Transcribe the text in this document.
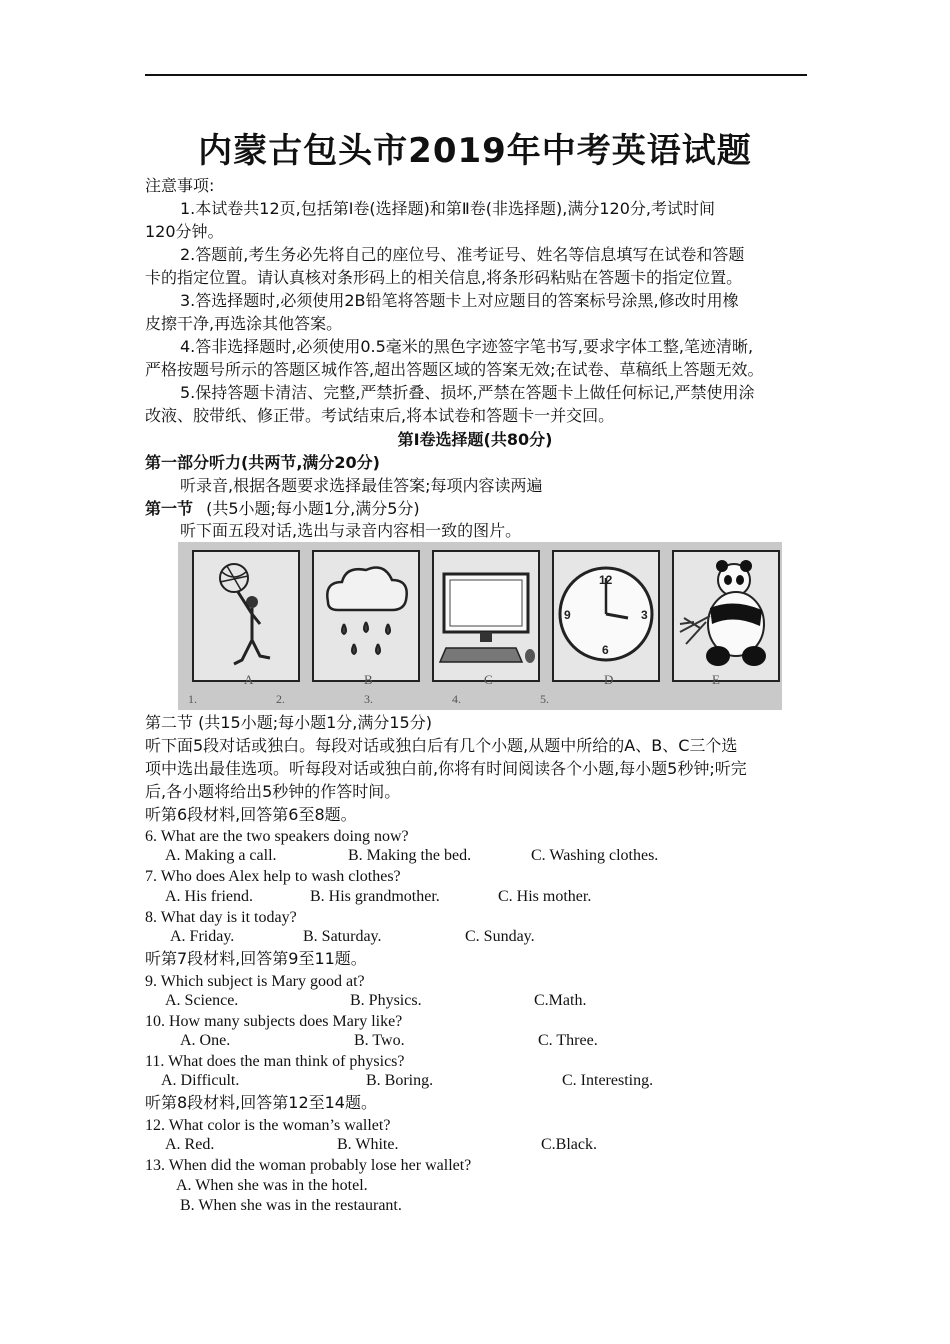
内蒙古包头市2019年中考英语试题
注意事项:
1.本试卷共12页,包括第Ⅰ卷(选择题)和第Ⅱ卷(非选择题),满分120分,考试时间
120分钟。
2.答题前,考生务必先将自己的座位号、准考证号、姓名等信息填写在试卷和答题
卡的指定位置。请认真核对条形码上的相关信息,将条形码粘贴在答题卡的指定位置。
3.答选择题时,必须使用2B铅笔将答题卡上对应题目的答案标号涂黑,修改时用橡
皮擦干净,再选涂其他答案。
4.答非选择题时,必须使用0.5毫米的黑色字迹签字笔书写,要求字体工整,笔迹清晰,
严格按题号所示的答题区城作答,超出答题区域的答案无效;在试卷、草稿纸上答题无效。
5.保持答题卡清洁、完整,严禁折叠、损坏,严禁在答题卡上做任何标记,严禁使用涂
改液、胶带纸、修正带。考试结束后,将本试卷和答题卡一并交回。
第I卷选择题(共80分)
第一部分听力(共两节,满分20分)
听录音,根据各题要求选择最佳答案;每项内容读两遍
第一节 (共5小题;每小题1分,满分5分)
听下面五段对话,选出与录音内容相一致的图片。
12
3
6
9
A	B	C	D	E
1.	2.	3.	4.	5.
第二节 (共15小题;每小题1分,满分15分)
听下面5段对话或独白。每段对话或独白后有几个小题,从题中所给的A、B、C三个选
项中选出最佳选项。听每段对话或独白前,你将有时间阅读各个小题,每小题5秒钟;听完
后,各小题将给出5秒钟的作答时间。
听第6段材料,回答第6至8题。
6. What are the two speakers doing now?
A. Making a call.	B. Making the bed.	C. Washing clothes.
7. Who does Alex help to wash clothes?
A. His friend.	B. His grandmother.	C. His mother.
8. What day is it today?
A. Friday.	B. Saturday.	C. Sunday.
听第7段材料,回答第9至11题。
9. Which subject is Mary good at?
A. Science.	B. Physics.	C.Math.
10. How many subjects does Mary like?
A. One.	B. Two.	C. Three.
11. What does the man think of physics?
A. Difficult.	B. Boring.	C. Interesting.
听第8段材料,回答第12至14题。
12. What color is the woman’s wallet?
A. Red.	B. White.	C.Black.
13. When did the woman probably lose her wallet?
A. When she was in the hotel.
B. When she was in the restaurant.
